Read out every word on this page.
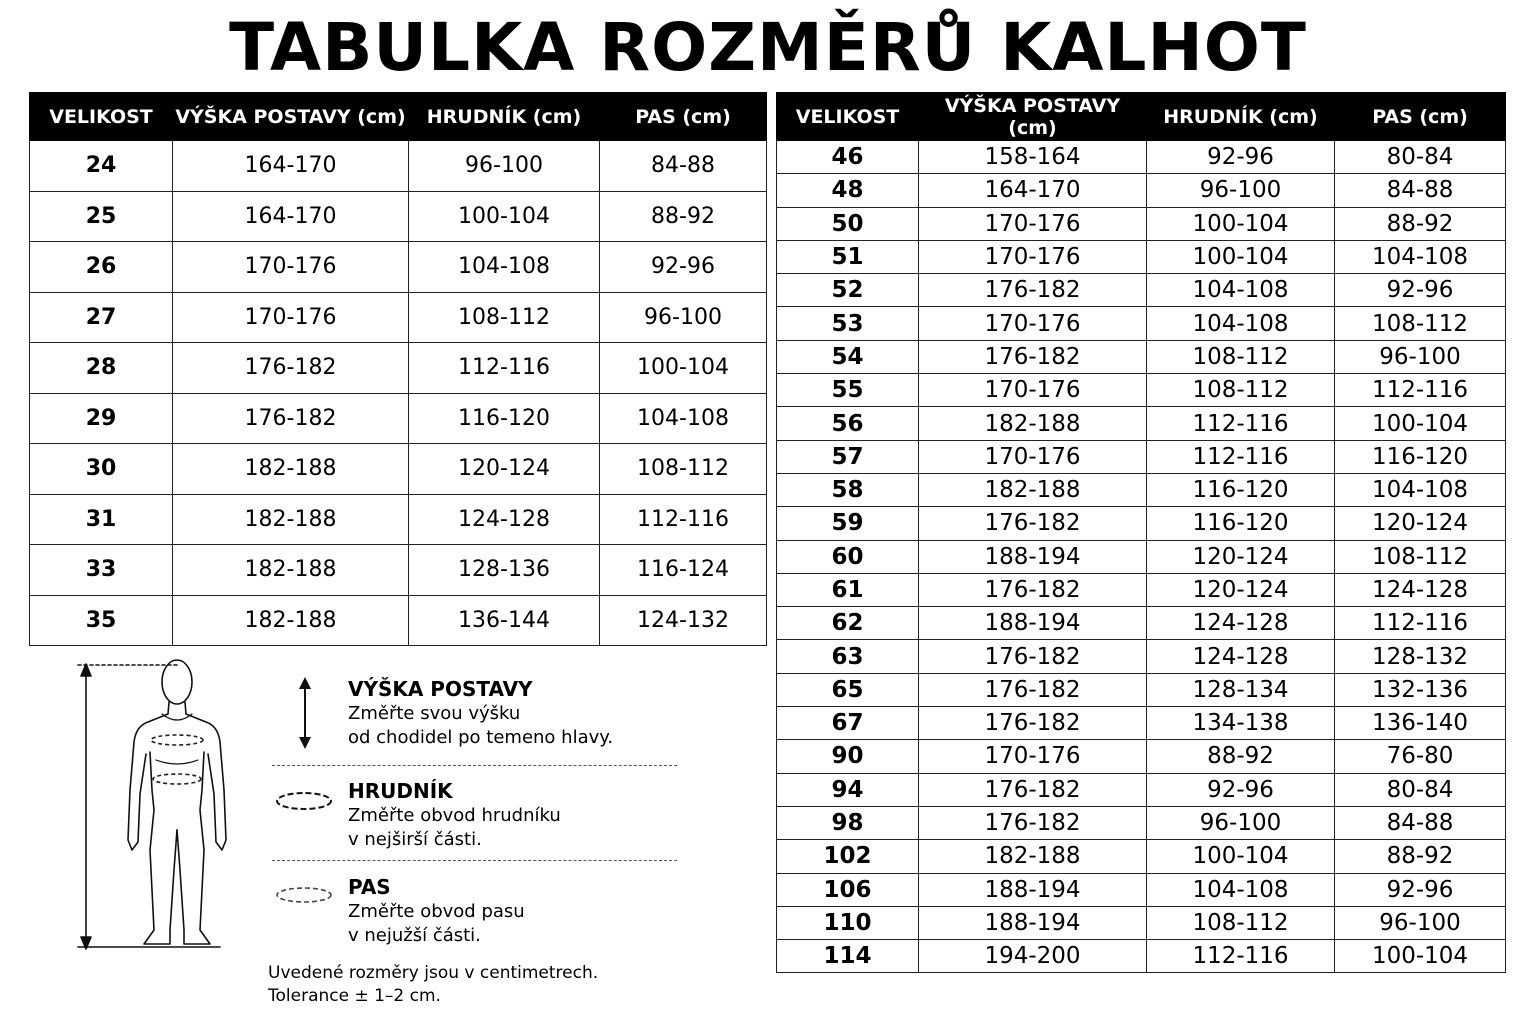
TABULKA ROZMĚRŮ KALHOT
VELIKOST	VÝŠKA POSTAVY (cm)	HRUDNÍK (cm)	PAS (cm)
24	164-170	96-100	84-88
25	164-170	100-104	88-92
26	170-176	104-108	92-96
27	170-176	108-112	96-100
28	176-182	112-116	100-104
29	176-182	116-120	104-108
30	182-188	120-124	108-112
31	182-188	124-128	112-116
33	182-188	128-136	116-124
35	182-188	136-144	124-132
VELIKOST	VÝŠKA POSTAVY (cm)	HRUDNÍK (cm)	PAS (cm)
46	158-164	92-96	80-84
48	164-170	96-100	84-88
50	170-176	100-104	88-92
51	170-176	100-104	104-108
52	176-182	104-108	92-96
53	170-176	104-108	108-112
54	176-182	108-112	96-100
55	170-176	108-112	112-116
56	182-188	112-116	100-104
57	170-176	112-116	116-120
58	182-188	116-120	104-108
59	176-182	116-120	120-124
60	188-194	120-124	108-112
61	176-182	120-124	124-128
62	188-194	124-128	112-116
63	176-182	124-128	128-132
65	176-182	128-134	132-136
67	176-182	134-138	136-140
90	170-176	88-92	76-80
94	176-182	92-96	80-84
98	176-182	96-100	84-88
102	182-188	100-104	88-92
106	188-194	104-108	92-96
110	188-194	108-112	96-100
114	194-200	112-116	100-104
VÝŠKA POSTAVY
Změřte svou výšku
od chodidel po temeno hlavy.
HRUDNÍK
Změřte obvod hrudníku
v nejširší části.
PAS
Změřte obvod pasu
v nejužší části.
Uvedené rozměry jsou v centimetrech.
Tolerance ± 1–2 cm.
